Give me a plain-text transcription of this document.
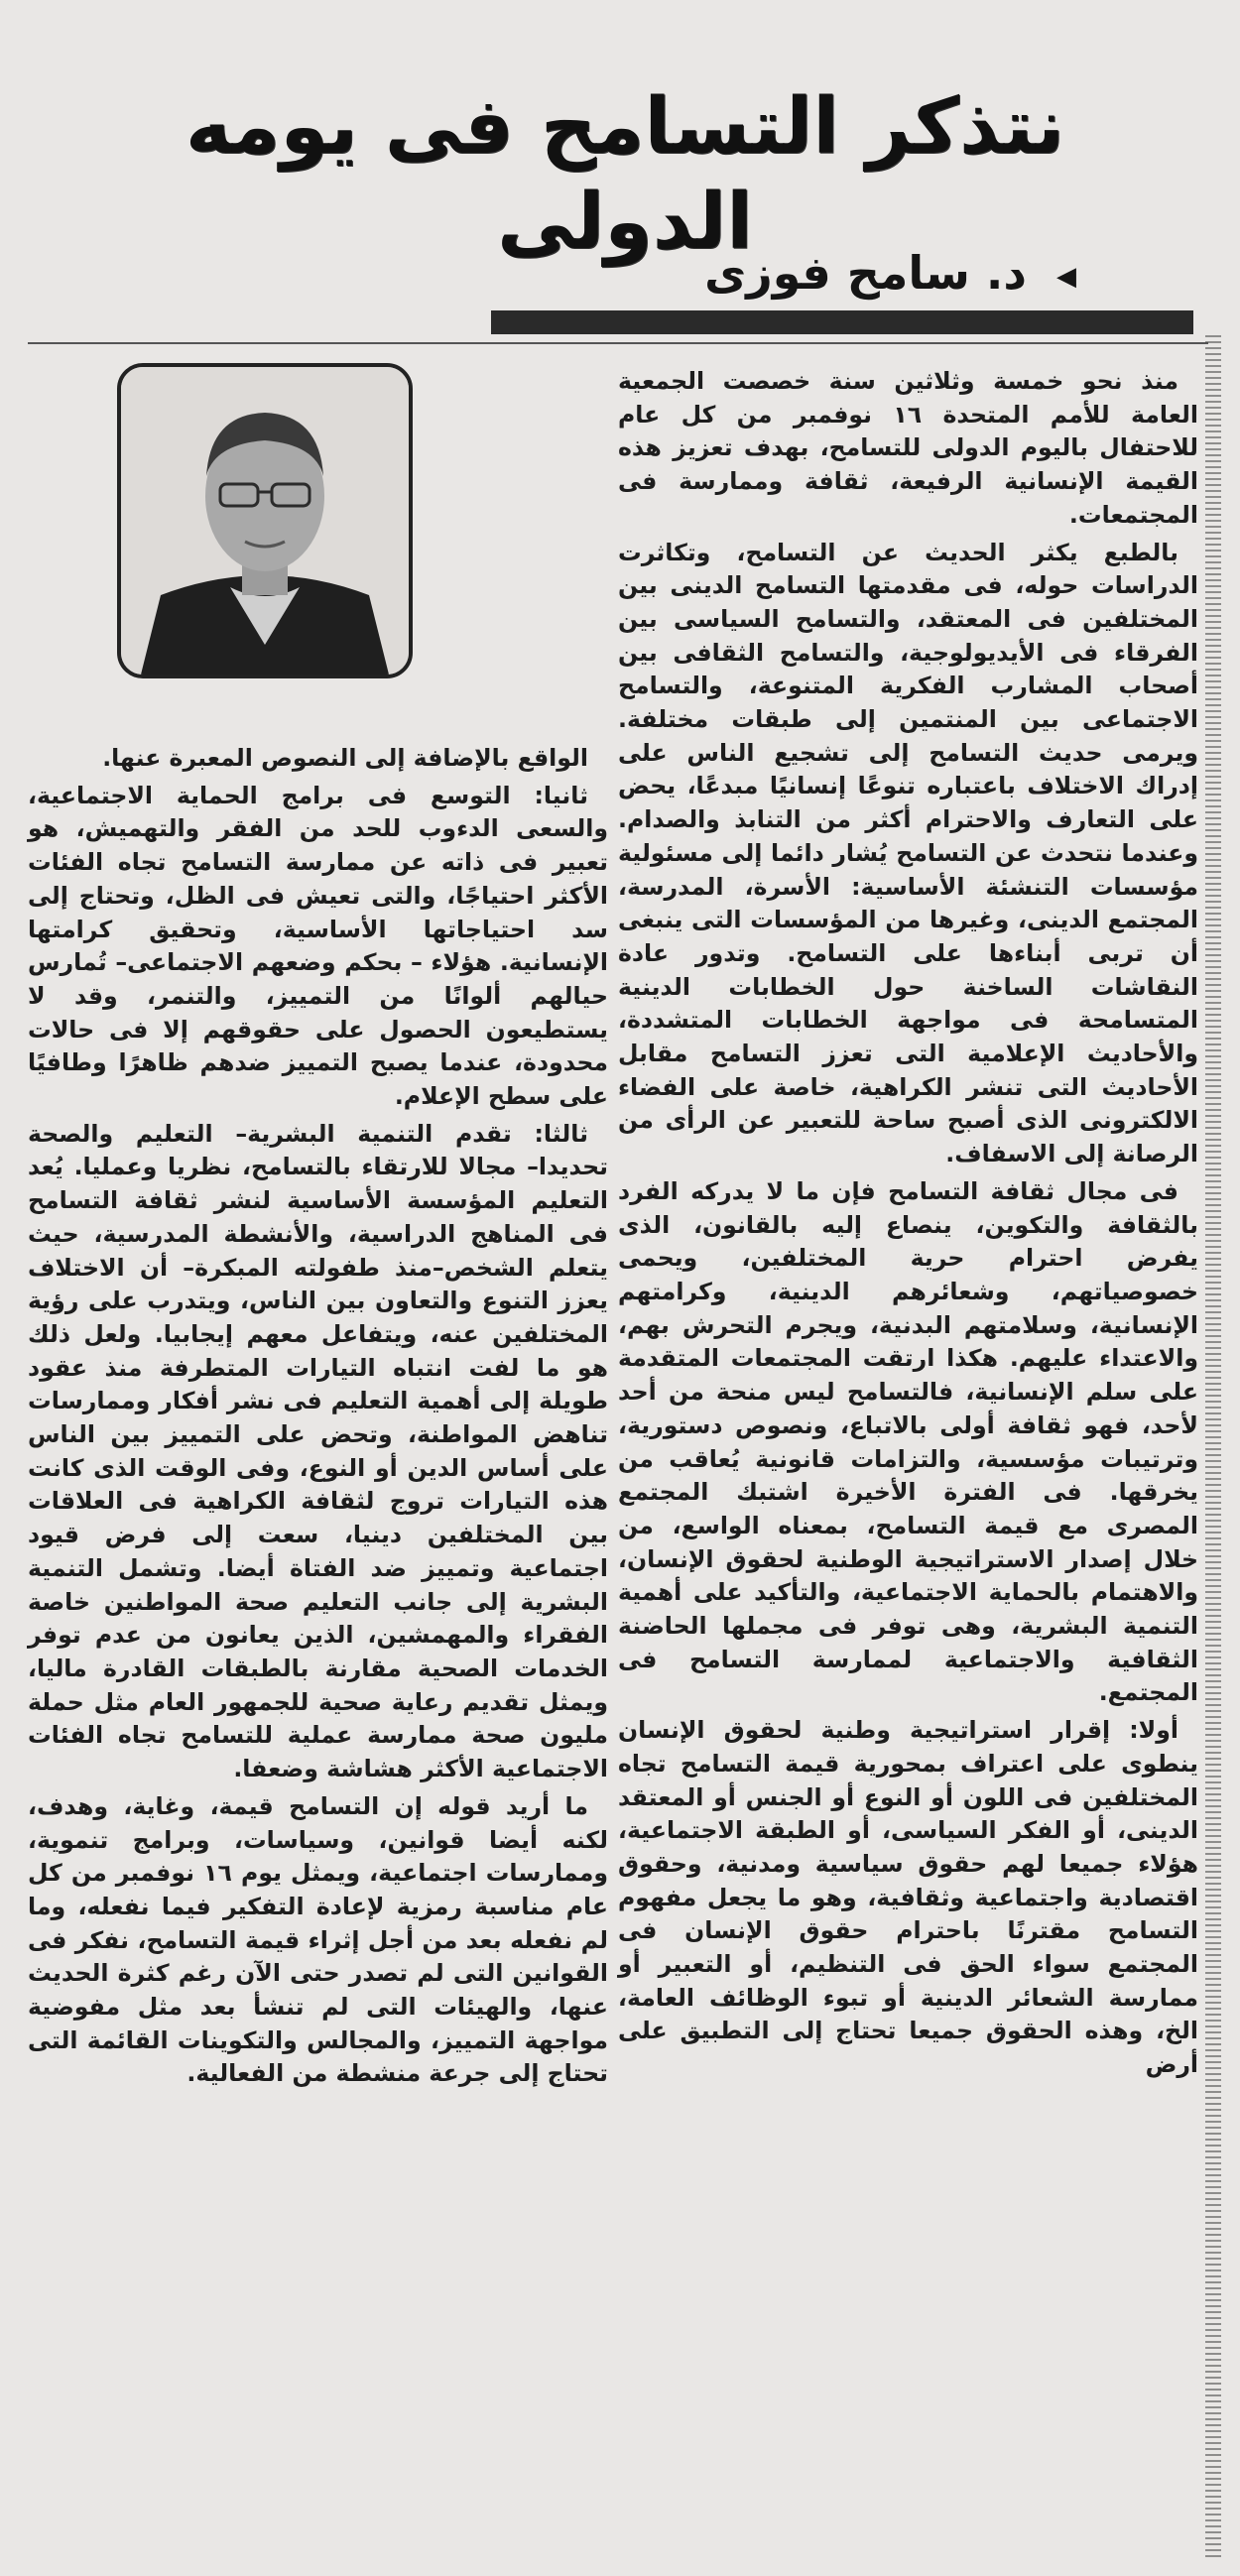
نتذكر التسامح فى يومه الدولى
◀ د. سامح فوزى

منذ نحو خمسة وثلاثين سنة خصصت الجمعية العامة للأمم المتحدة ١٦ نوفمبر من كل عام للاحتفال باليوم الدولى للتسامح، بهدف تعزيز هذه القيمة الإنسانية الرفيعة، ثقافة وممارسة فى المجتمعات.

بالطبع يكثر الحديث عن التسامح، وتكاثرت الدراسات حوله، فى مقدمتها التسامح الدينى بين المختلفين فى المعتقد، والتسامح السياسى بين الفرقاء فى الأيديولوجية، والتسامح الثقافى بين أصحاب المشارب الفكرية المتنوعة، والتسامح الاجتماعى بين المنتمين إلى طبقات مختلفة. ويرمى حديث التسامح إلى تشجيع الناس على إدراك الاختلاف باعتباره تنوعًا إنسانيًا مبدعًا، يحض على التعارف والاحترام أكثر من التنابذ والصدام. وعندما نتحدث عن التسامح يُشار دائما إلى مسئولية مؤسسات التنشئة الأساسية: الأسرة، المدرسة، المجتمع الدينى، وغيرها من المؤسسات التى ينبغى أن تربى أبناءها على التسامح. وتدور عادة النقاشات الساخنة حول الخطابات الدينية المتسامحة فى مواجهة الخطابات المتشددة، والأحاديث الإعلامية التى تعزز التسامح مقابل الأحاديث التى تنشر الكراهية، خاصة على الفضاء الالكترونى الذى أصبح ساحة للتعبير عن الرأى من الرصانة إلى الاسفاف.

فى مجال ثقافة التسامح فإن ما لا يدركه الفرد بالثقافة والتكوين، ينصاع إليه بالقانون، الذى يفرض احترام حرية المختلفين، ويحمى خصوصياتهم، وشعائرهم الدينية، وكرامتهم الإنسانية، وسلامتهم البدنية، ويجرم التحرش بهم، والاعتداء عليهم. هكذا ارتقت المجتمعات المتقدمة على سلم الإنسانية، فالتسامح ليس منحة من أحد لأحد، فهو ثقافة أولى بالاتباع، ونصوص دستورية، وترتيبات مؤسسية، والتزامات قانونية يُعاقب من يخرقها. فى الفترة الأخيرة اشتبك المجتمع المصرى مع قيمة التسامح، بمعناه الواسع، من خلال إصدار الاستراتيجية الوطنية لحقوق الإنسان، والاهتمام بالحماية الاجتماعية، والتأكيد على أهمية التنمية البشرية، وهى توفر فى مجملها الحاضنة الثقافية والاجتماعية لممارسة التسامح فى المجتمع.

أولا: إقرار استراتيجية وطنية لحقوق الإنسان ينطوى على اعتراف بمحورية قيمة التسامح تجاه المختلفين فى اللون أو النوع أو الجنس أو المعتقد الدينى، أو الفكر السياسى، أو الطبقة الاجتماعية، هؤلاء جميعا لهم حقوق سياسية ومدنية، وحقوق اقتصادية واجتماعية وثقافية، وهو ما يجعل مفهوم التسامح مقترنًا باحترام حقوق الإنسان فى المجتمع سواء الحق فى التنظيم، أو التعبير أو ممارسة الشعائر الدينية أو تبوء الوظائف العامة، الخ، وهذه الحقوق جميعا تحتاج إلى التطبيق على أرض

الواقع بالإضافة إلى النصوص المعبرة عنها.

ثانيا: التوسع فى برامج الحماية الاجتماعية، والسعى الدءوب للحد من الفقر والتهميش، هو تعبير فى ذاته عن ممارسة التسامح تجاه الفئات الأكثر احتياجًا، والتى تعيش فى الظل، وتحتاج إلى سد احتياجاتها الأساسية، وتحقيق كرامتها الإنسانية. هؤلاء – بحكم وضعهم الاجتماعى– تُمارس حيالهم ألوانًا من التمييز، والتنمر، وقد لا يستطيعون الحصول على حقوقهم إلا فى حالات محدودة، عندما يصبح التمييز ضدهم ظاهرًا وطافيًا على سطح الإعلام.

ثالثا: تقدم التنمية البشرية– التعليم والصحة تحديدا– مجالا للارتقاء بالتسامح، نظريا وعمليا. يُعد التعليم المؤسسة الأساسية لنشر ثقافة التسامح فى المناهج الدراسية، والأنشطة المدرسية، حيث يتعلم الشخص–منذ طفولته المبكرة– أن الاختلاف يعزز التنوع والتعاون بين الناس، ويتدرب على رؤية المختلفين عنه، ويتفاعل معهم إيجابيا. ولعل ذلك هو ما لفت انتباه التيارات المتطرفة منذ عقود طويلة إلى أهمية التعليم فى نشر أفكار وممارسات تناهض المواطنة، وتحض على التمييز بين الناس على أساس الدين أو النوع، وفى الوقت الذى كانت هذه التيارات تروج لثقافة الكراهية فى العلاقات بين المختلفين دينيا، سعت إلى فرض قيود اجتماعية وتمييز ضد الفتاة أيضا. وتشمل التنمية البشرية إلى جانب التعليم صحة المواطنين خاصة الفقراء والمهمشين، الذين يعانون من عدم توفر الخدمات الصحية مقارنة بالطبقات القادرة ماليا، ويمثل تقديم رعاية صحية للجمهور العام مثل حملة مليون صحة ممارسة عملية للتسامح تجاه الفئات الاجتماعية الأكثر هشاشة وضعفا.

ما أريد قوله إن التسامح قيمة، وغاية، وهدف، لكنه أيضا قوانين، وسياسات، وبرامج تنموية، وممارسات اجتماعية، ويمثل يوم ١٦ نوفمبر من كل عام مناسبة رمزية لإعادة التفكير فيما نفعله، وما لم نفعله بعد من أجل إثراء قيمة التسامح، نفكر فى القوانين التى لم تصدر حتى الآن رغم كثرة الحديث عنها، والهيئات التى لم تنشأ بعد مثل مفوضية مواجهة التمييز، والمجالس والتكوينات القائمة التى تحتاج إلى جرعة منشطة من الفعالية.
